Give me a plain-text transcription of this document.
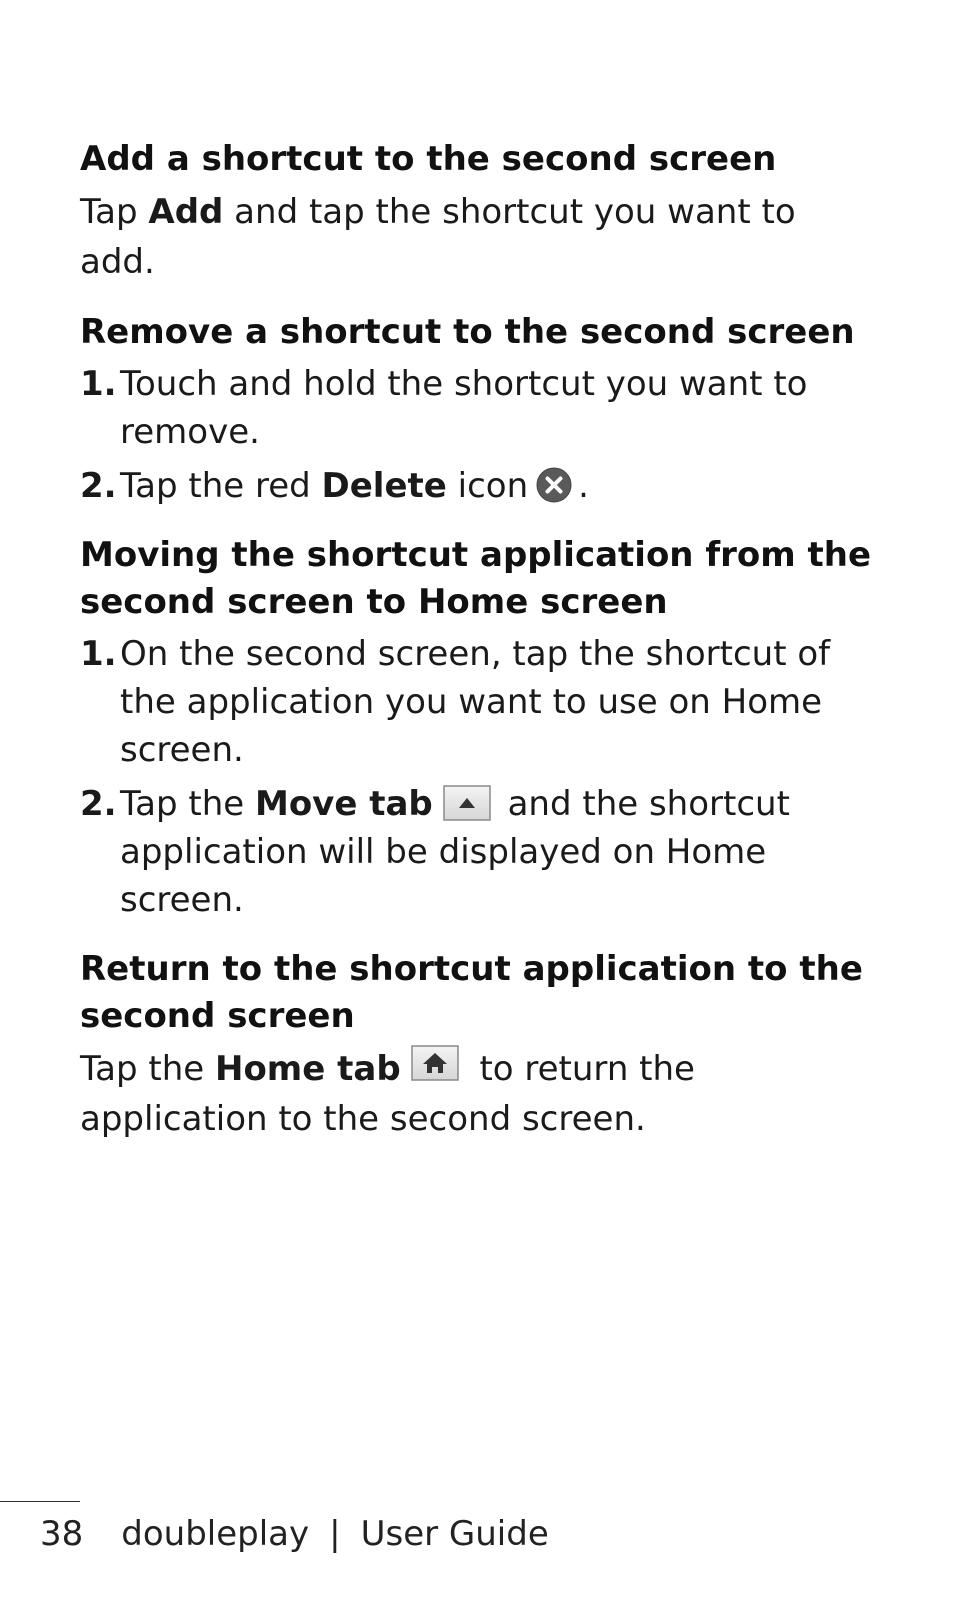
Add a shortcut to the second screen

Tap Add and tap the shortcut you want to add.

Remove a shortcut to the second screen
1. Touch and hold the shortcut you want to remove.
2. Tap the red Delete icon .
Moving the shortcut application from the second screen to Home screen
1. On the second screen, tap the shortcut of the application you want to use on Home screen.
2. Tap the Move tab and the shortcut application will be displayed on Home screen.
Return to the shortcut application to the second screen

Tap the Home tab to return the application to the second screen.

38 doubleplay | User Guide
